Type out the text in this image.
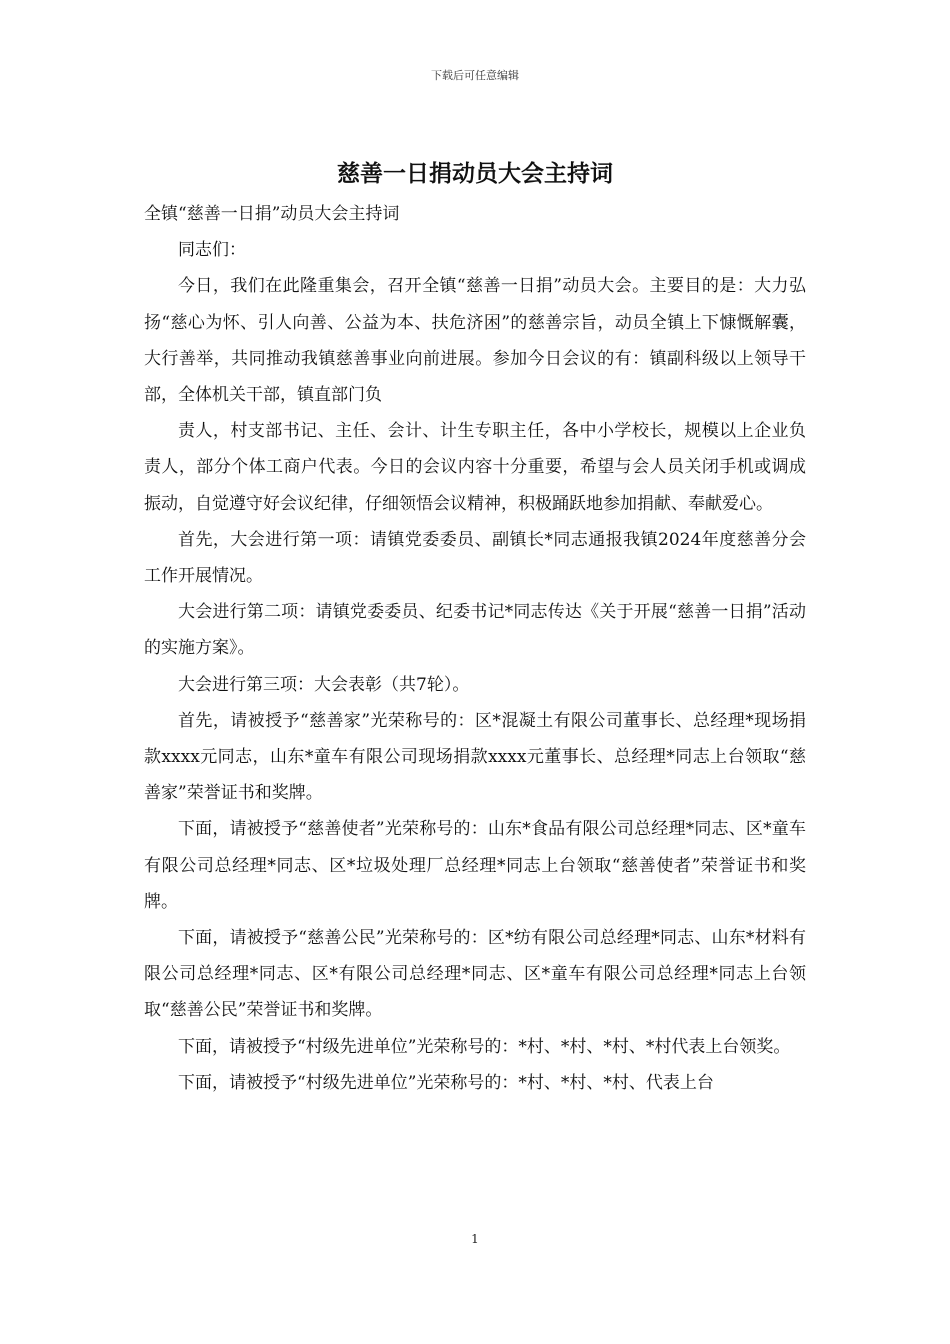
下载后可任意编辑
慈善一日捐动员大会主持词

全镇“慈善一日捐”动员大会主持词

同志们：

今日，我们在此隆重集会，召开全镇“慈善一日捐”动员大会。主要目的是：大力弘扬“慈心为怀、引人向善、公益为本、扶危济困”的慈善宗旨，动员全镇上下慷慨解囊，大行善举，共同推动我镇慈善事业向前进展。参加今日会议的有：镇副科级以上领导干部，全体机关干部，镇直部门负

责人，村支部书记、主任、会计、计生专职主任，各中小学校长，规模以上企业负责人，部分个体工商户代表。今日的会议内容十分重要，希望与会人员关闭手机或调成振动，自觉遵守好会议纪律，仔细领悟会议精神，积极踊跃地参加捐献、奉献爱心。

首先，大会进行第一项：请镇党委委员、副镇长*同志通报我镇2024年度慈善分会工作开展情况。

大会进行第二项：请镇党委委员、纪委书记*同志传达《关于开展“慈善一日捐”活动的实施方案》。

大会进行第三项：大会表彰（共7轮）。

首先，请被授予“慈善家”光荣称号的：区*混凝土有限公司董事长、总经理*现场捐款xxxx元同志，山东*童车有限公司现场捐款xxxx元董事长、总经理*同志上台领取“慈善家”荣誉证书和奖牌。

下面，请被授予“慈善使者”光荣称号的：山东*食品有限公司总经理*同志、区*童车有限公司总经理*同志、区*垃圾处理厂总经理*同志上台领取“慈善使者”荣誉证书和奖牌。

下面，请被授予“慈善公民”光荣称号的：区*纺有限公司总经理*同志、山东*材料有限公司总经理*同志、区*有限公司总经理*同志、区*童车有限公司总经理*同志上台领取“慈善公民”荣誉证书和奖牌。

下面，请被授予“村级先进单位”光荣称号的：*村、*村、*村、*村代表上台领奖。

下面，请被授予“村级先进单位”光荣称号的：*村、*村、*村、代表上台

1
